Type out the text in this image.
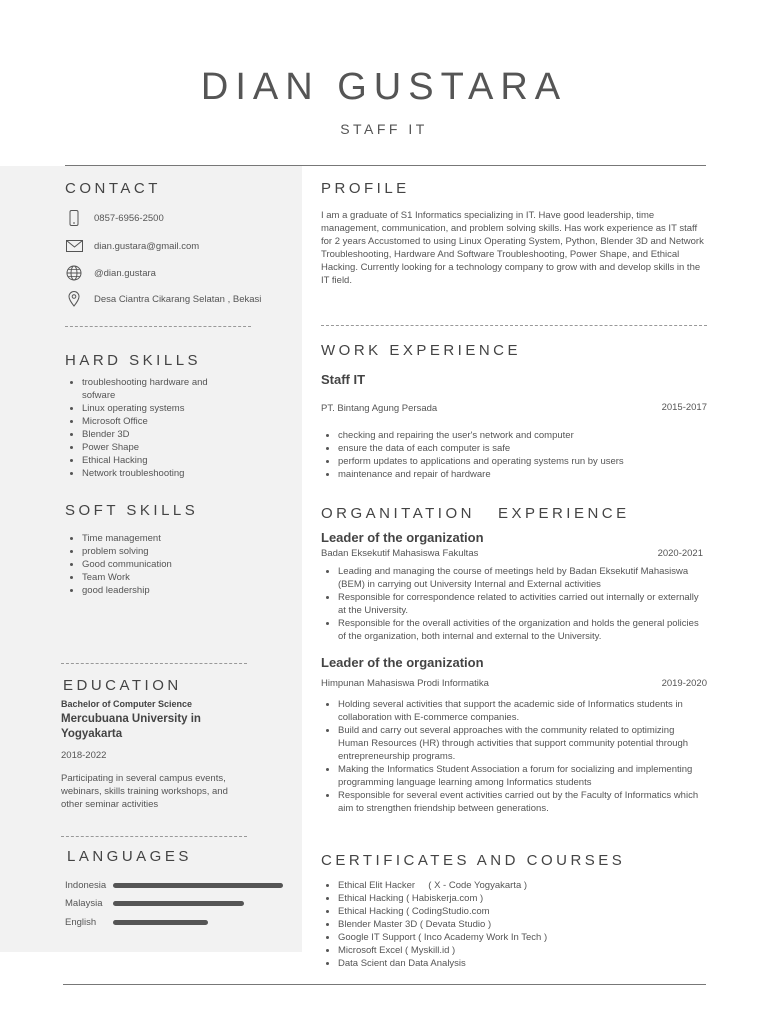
DIAN GUSTARA
STAFF IT
CONTACT
0857-6956-2500
dian.gustara@gmail.com
@dian.gustara
Desa Ciantra Cikarang Selatan , Bekasi
HARD SKILLS
troubleshooting hardware and sofware
Linux operating systems
Microsoft Office
Blender 3D
Power Shape
Ethical Hacking
Network troubleshooting
SOFT SKILLS
Time management
problem solving
Good communication
Team Work
good leadership
EDUCATION
Bachelor of Computer Science
Mercubuana University in Yogyakarta
2018-2022
Participating in several campus events, webinars, skills training workshops, and other seminar activities
LANGUAGES
Indonesia
Malaysia
English
PROFILE
I am a graduate of S1 Informatics specializing in IT. Have good leadership, time management, communication, and problem solving skills. Has work experience as IT staff for 2 years Accustomed to using Linux Operating System, Python, Blender 3D and Network Troubleshooting, Hardware And Software Troubleshooting, Power Shape, and Ethical Hacking. Currently looking for a technology company to grow with and develop skills in the IT field.
WORK EXPERIENCE
Staff IT
PT. Bintang Agung Persada	2015-2017
checking and repairing the user's network and computer
ensure the data of each computer is safe
perform updates to applications and operating systems run by users
maintenance and repair of hardware
ORGANITATION   EXPERIENCE
Leader of the organization
Badan Eksekutif Mahasiswa Fakultas	2020-2021
Leading and managing the course of meetings held by Badan Eksekutif Mahasiswa (BEM) in carrying out University Internal and External activities
Responsible for correspondence related to activities carried out internally or externally at the University.
Responsible for the overall activities of the organization and holds the general policies of the organization, both internal and external to the University.
Leader of the organization
Himpunan Mahasiswa Prodi Informatika	2019-2020
Holding several activities that support the academic side of Informatics students in collaboration with E-commerce companies.
Build and carry out several approaches with the community related to optimizing Human Resources (HR) through activities that support community potential through entrepreneurship programs.
Making the Informatics Student Association a forum for socializing and implementing programming language learning among Informatics students
Responsible for several event activities carried out by the Faculty of Informatics which aim to strengthen friendship between generations.
CERTIFICATES AND COURSES
Ethical Elit Hacker     ( X - Code Yogyakarta )
Ethical Hacking ( Habiskerja.com )
Ethical Hacking ( CodingStudio.com
Blender Master 3D ( Devata Studio )
Google IT Support ( Inco Academy Work In Tech )
Microsoft Excel ( Myskill.id )
Data Scient dan Data Analysis
